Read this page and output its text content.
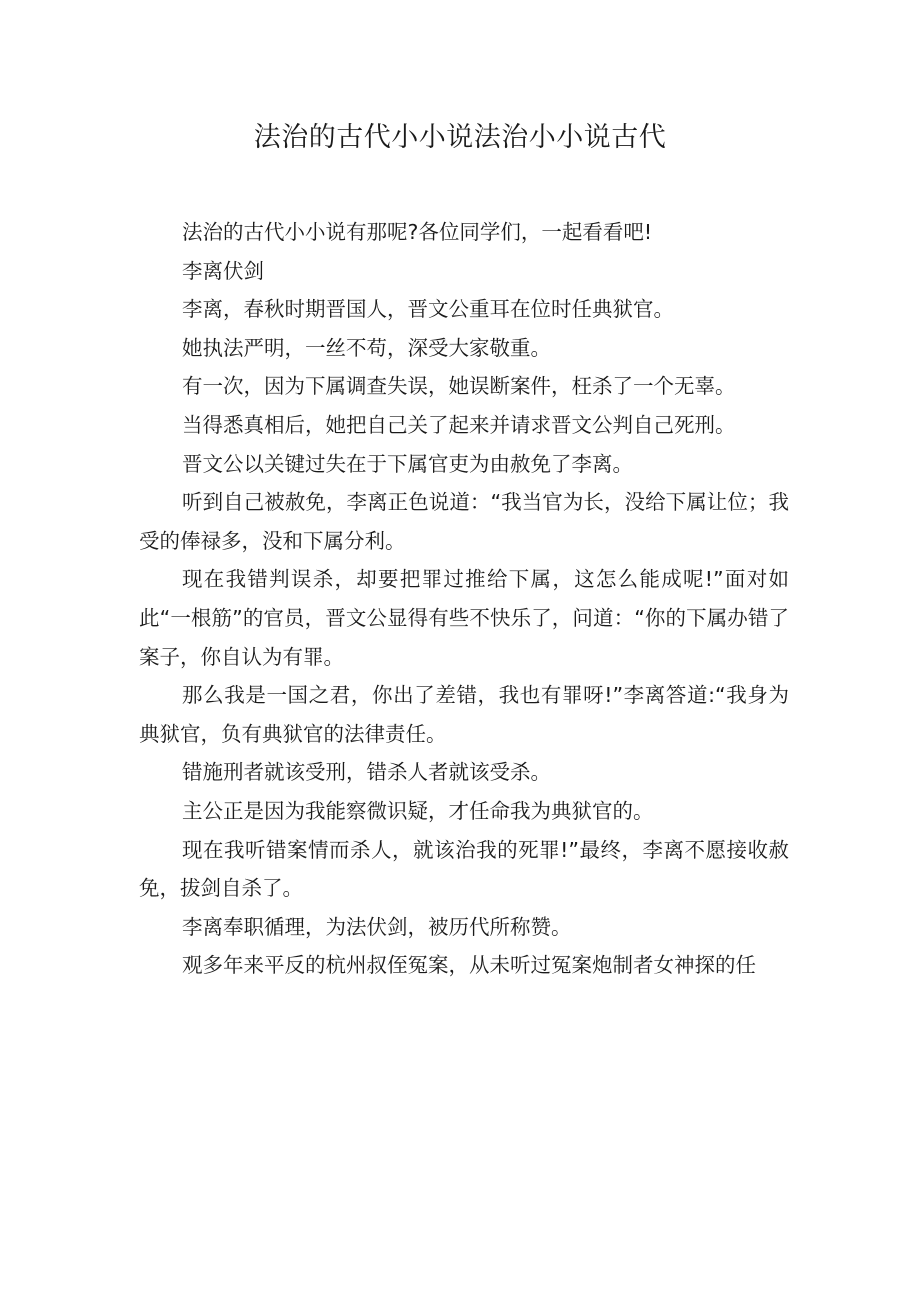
法治的古代小小说法治小小说古代

法治的古代小小说有那呢?各位同学们，一起看看吧!

李离伏剑

李离，春秋时期晋国人，晋文公重耳在位时任典狱官。

她执法严明，一丝不苟，深受大家敬重。

有一次，因为下属调查失误，她误断案件，枉杀了一个无辜。

当得悉真相后，她把自己关了起来并请求晋文公判自己死刑。

晋文公以关键过失在于下属官吏为由赦免了李离。

听到自己被赦免，李离正色说道：“我当官为长，没给下属让位；我受的俸禄多，没和下属分利。

现在我错判误杀，却要把罪过推给下属，这怎么能成呢!”面对如此“一根筋”的官员，晋文公显得有些不快乐了，问道：“你的下属办错了案子，你自认为有罪。

那么我是一国之君，你出了差错，我也有罪呀!”李离答道:“我身为典狱官，负有典狱官的法律责任。

错施刑者就该受刑，错杀人者就该受杀。

主公正是因为我能察微识疑，才任命我为典狱官的。

现在我听错案情而杀人，就该治我的死罪!”最终，李离不愿接收赦免，拔剑自杀了。

李离奉职循理，为法伏剑，被历代所称赞。

观多年来平反的杭州叔侄冤案，从未听过冤案炮制者女神探的任
